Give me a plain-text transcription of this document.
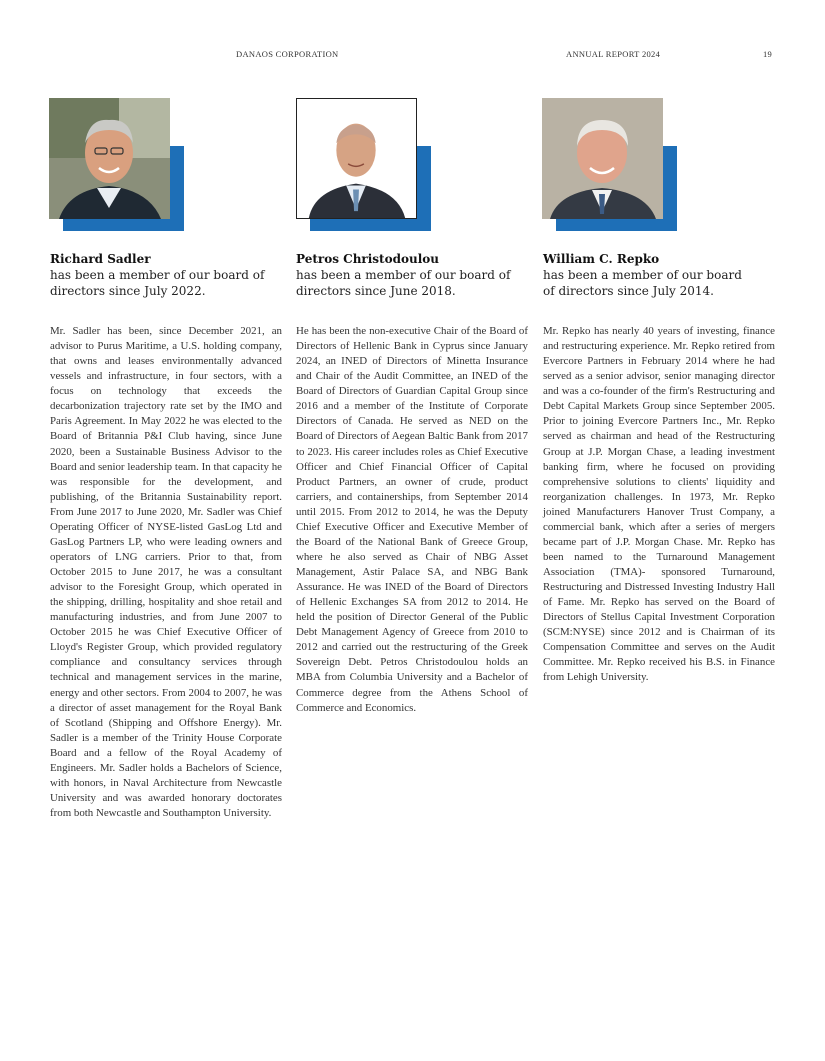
DANAOS CORPORATION	ANNUAL REPORT 2024	19
Richard Sadler
has been a member of our board of directors since July 2022.
Petros Christodoulou
has been a member of our board of directors since June 2018.
William C. Repko
has been a member of our board of directors since July 2014.
Mr. Sadler has been, since December 2021, an advisor to Purus Maritime, a U.S. holding company, that owns and leases environmentally advanced vessels and infrastructure, in four sectors, with a focus on technology that exceeds the decarbonization trajectory rate set by the IMO and Paris Agreement. In May 2022 he was elected to the Board of Britannia P&I Club having, since June 2020, been a Sustainable Business Advisor to the Board and senior leadership team. In that capacity he was responsible for the development, and publishing, of the Britannia Sustainability report. From June 2017 to June 2020, Mr. Sadler was Chief Operating Officer of NYSE-listed GasLog Ltd and GasLog Partners LP, who were leading owners and operators of LNG carriers. Prior to that, from October 2015 to June 2017, he was a consultant advisor to the Foresight Group, which operated in the shipping, drilling, hospitality and shoe retail and manufacturing industries, and from June 2007 to October 2015 he was Chief Executive Officer of Lloyd's Register Group, which provided regulatory compliance and consultancy services through technical and management services in the marine, energy and other sectors. From 2004 to 2007, he was a director of asset management for the Royal Bank of Scotland (Shipping and Offshore Energy). Mr. Sadler is a member of the Trinity House Corporate Board and a fellow of the Royal Academy of Engineers. Mr. Sadler holds a Bachelors of Science, with honors, in Naval Architecture from Newcastle University and was awarded honorary doctorates from both Newcastle and Southampton University.
He has been the non-executive Chair of the Board of Directors of Hellenic Bank in Cyprus since January 2024, an INED of Directors of Minetta Insurance and Chair of the Audit Committee, an INED of the Board of Directors of Guardian Capital Group since 2016 and a member of the Institute of Corporate Directors of Canada. He served as NED on the Board of Directors of Aegean Baltic Bank from 2017 to 2023. His career includes roles as Chief Executive Officer and Chief Financial Officer of Capital Product Partners, an owner of crude, product carriers, and containerships, from September 2014 until 2015. From 2012 to 2014, he was the Deputy Chief Executive Officer and Executive Member of the Board of the National Bank of Greece Group, where he also served as Chair of NBG Asset Management, Astir Palace SA, and NBG Bank Assurance. He was INED of the Board of Directors of Hellenic Exchanges SA from 2012 to 2014. He held the position of Director General of the Public Debt Management Agency of Greece from 2010 to 2012 and carried out the restructuring of the Greek Sovereign Debt. Petros Christodoulou holds an MBA from Columbia University and a Bachelor of Commerce degree from the Athens School of Commerce and Economics.
Mr. Repko has nearly 40 years of investing, finance and restructuring experience. Mr. Repko retired from Evercore Partners in February 2014 where he had served as a senior advisor, senior managing director and was a co-founder of the firm's Restructuring and Debt Capital Markets Group since September 2005. Prior to joining Evercore Partners Inc., Mr. Repko served as chairman and head of the Restructuring Group at J.P. Morgan Chase, a leading investment banking firm, where he focused on providing comprehensive solutions to clients' liquidity and reorganization challenges. In 1973, Mr. Repko joined Manufacturers Hanover Trust Company, a commercial bank, which after a series of mergers became part of J.P. Morgan Chase. Mr. Repko has been named to the Turnaround Management Association (TMA)- sponsored Turnaround, Restructuring and Distressed Investing Industry Hall of Fame. Mr. Repko has served on the Board of Directors of Stellus Capital Investment Corporation (SCM:NYSE) since 2012 and is Chairman of its Compensation Committee and serves on the Audit Committee. Mr. Repko received his B.S. in Finance from Lehigh University.
